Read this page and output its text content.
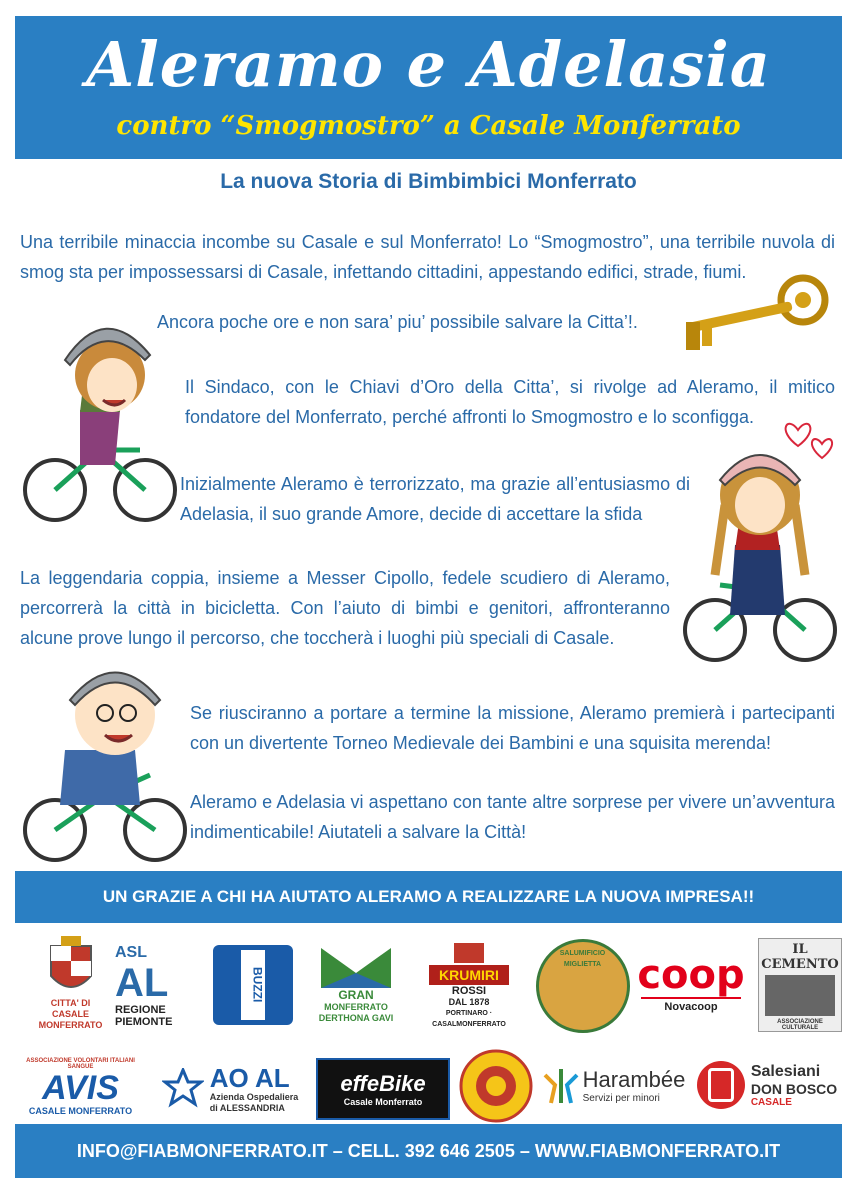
Aleramo e Adelasia
contro “Smogmostro” a Casale Monferrato
La nuova Storia di Bimbimbici Monferrato
Una terribile minaccia incombe su Casale e sul Monferrato! Lo “Smogmostro”, una terribile nuvola di smog sta per impossessarsi di Casale, infettando cittadini, appestando edifici, strade, fiumi.
Ancora poche ore e non sara’ piu’ possibile salvare la Citta’!.
Il Sindaco, con le Chiavi d’Oro della Citta’, si rivolge ad Aleramo, il mitico fondatore del Monferrato, perché affronti lo Smogmostro e lo sconfigga.
Inizialmente Aleramo è terrorizzato, ma grazie all’entusiasmo di Adelasia, il suo grande Amore, decide di accettare la sfida
La leggendaria coppia, insieme a Messer Cipollo, fedele scudiero di Aleramo, percorrerà la città in bicicletta. Con l’aiuto di bimbi e genitori, affronteranno alcune prove lungo il percorso, che toccherà i luoghi più speciali di Casale.
Se riusciranno a portare a termine la missione, Aleramo premierà i partecipanti con un divertente Torneo Medievale dei Bambini e una squisita merenda!
Aleramo e Adelasia vi aspettano con tante altre sorprese per vivere un’avventura indimenticabile! Aiutateli a salvare la Città!
UN GRAZIE A CHI HA AIUTATO ALERAMO A REALIZZARE LA NUOVA IMPRESA!!
CITTA' DI
CASALE MONFERRATO
ASL
AL
REGIONE
PIEMONTE
BUZZI	GRAN
MONFERRATO
DERTHONA GAVI
KRUMIRI
ROSSI
DAL 1878
PORTINARO · CASALMONFERRATO
SALUMIFICIO MIGLIETTA coop
Novacoop
IL CEMENTO
ASSOCIAZIONE CULTURALE
ASSOCIAZIONE VOLONTARI ITALIANI SANGUE
AVIS
CASALE MONFERRATO
AO AL
Azienda Ospedaliera
di ALESSANDRIA
effeBike
Casale Monferrato
Harambée
Servizi per minori
Salesiani
DON BOSCO
CASALE
INFO@FIABMONFERRATO.IT – CELL. 392 646 2505 – WWW.FIABMONFERRATO.IT
